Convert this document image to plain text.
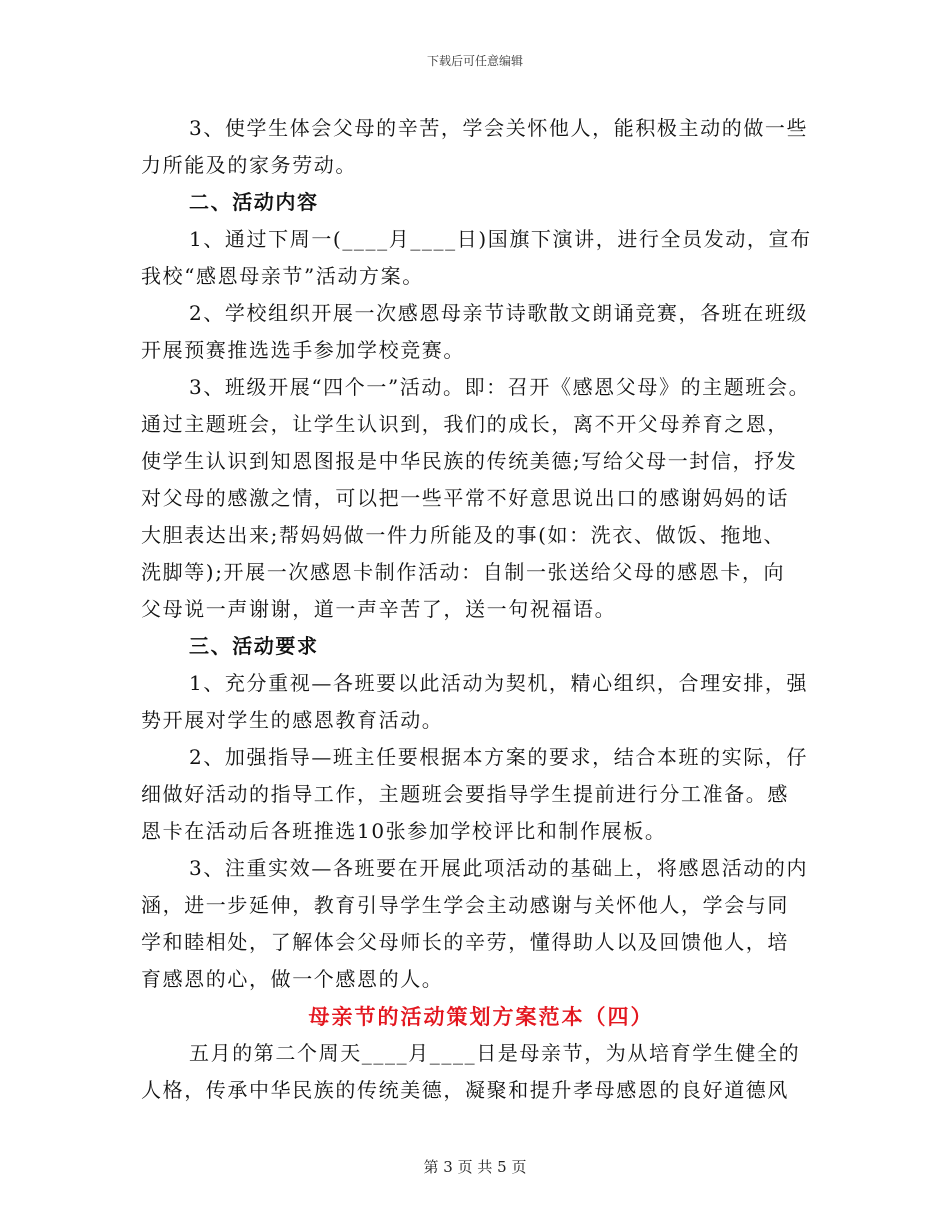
下载后可任意编辑
3、使学生体会父母的辛苦，学会关怀他人，能积极主动的做一些
力所能及的家务劳动。
二、活动内容
1、通过下周一(____月____日)国旗下演讲，进行全员发动，宣布
我校“感恩母亲节”活动方案。
2、学校组织开展一次感恩母亲节诗歌散文朗诵竞赛，各班在班级
开展预赛推选选手参加学校竞赛。
3、班级开展“四个一”活动。即：召开《感恩父母》的主题班会。
通过主题班会，让学生认识到，我们的成长，离不开父母养育之恩，
使学生认识到知恩图报是中华民族的传统美德;写给父母一封信，抒发
对父母的感激之情，可以把一些平常不好意思说出口的感谢妈妈的话
大胆表达出来;帮妈妈做一件力所能及的事(如：洗衣、做饭、拖地、
洗脚等);开展一次感恩卡制作活动：自制一张送给父母的感恩卡，向
父母说一声谢谢，道一声辛苦了，送一句祝福语。
三、活动要求
1、充分重视—各班要以此活动为契机，精心组织，合理安排，强
势开展对学生的感恩教育活动。
2、加强指导—班主任要根据本方案的要求，结合本班的实际，仔
细做好活动的指导工作，主题班会要指导学生提前进行分工准备。感
恩卡在活动后各班推选10张参加学校评比和制作展板。
3、注重实效—各班要在开展此项活动的基础上，将感恩活动的内
涵，进一步延伸，教育引导学生学会主动感谢与关怀他人，学会与同
学和睦相处，了解体会父母师长的辛劳，懂得助人以及回馈他人，培
育感恩的心，做一个感恩的人。
母亲节的活动策划方案范本（四）
五月的第二个周天____月____日是母亲节，为从培育学生健全的
人格，传承中华民族的传统美德，凝聚和提升孝母感恩的良好道德风
第 3 页 共 5 页
